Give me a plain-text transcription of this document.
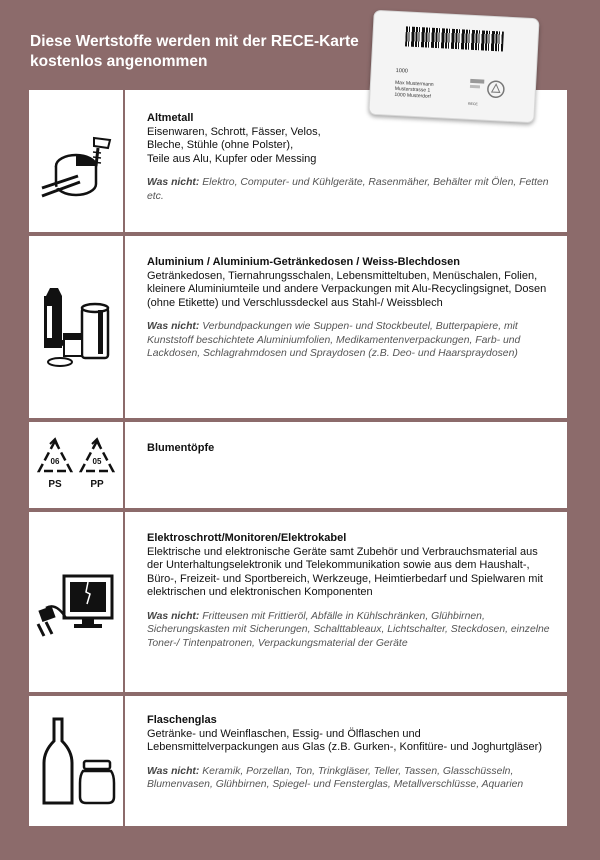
Diese Wertstoffe werden mit der RECE-Karte kostenlos angenommen
1000
Max Mustermann
Musterstrasse 1
1000 Musterdorf
RECE
Altmetall
Eisenwaren, Schrott, Fässer, Velos,
Bleche, Stühle (ohne Polster),
Teile aus Alu, Kupfer oder Messing
Was nicht: Elektro, Computer- und Kühlgeräte, Rasenmäher, Behälter mit Ölen, Fetten etc.
Aluminium / Aluminium-Getränkedosen / Weiss-Blechdosen
Getränkedosen, Tiernahrungsschalen, Lebensmitteltuben, Menüschalen, Folien, kleinere Aluminiumteile und andere Verpackungen mit Alu-Recyclingsignet, Dosen (ohne Etikette) und Verschlussdeckel aus Stahl-/ Weissblech
Was nicht: Verbundpackungen wie Suppen- und Stockbeutel, Butterpapiere, mit Kunststoff beschichtete Aluminiumfolien, Medikamentenverpackungen, Farb- und Lackdosen, Schlagrahmdosen und Spraydosen (z.B. Deo- und Haarspraydosen)
06
PS
05
PP
Blumentöpfe
Elektroschrott/Monitoren/Elektrokabel
Elektrische und elektronische Geräte samt Zubehör und Verbrauchsmaterial aus der Unterhaltungselektronik und Telekommunikation sowie aus dem Haushalt-, Büro-, Freizeit- und Sportbereich, Werkzeuge, Heimtierbedarf und Spielwaren mit elektrischen und elektronischen Komponenten
Was nicht: Fritteusen mit Frittieröl, Abfälle in Kühlschränken, Glühbirnen, Sicherungskasten mit Sicherungen, Schalttableaux, Lichtschalter, Steckdosen, einzelne Toner-/ Tintenpatronen, Verpackungsmaterial der Geräte
Flaschenglas
Getränke- und Weinflaschen, Essig- und Ölflaschen und Lebensmittelverpackungen aus Glas (z.B. Gurken-, Konfitüre- und Joghurtgläser)
Was nicht: Keramik, Porzellan, Ton, Trinkgläser, Teller, Tassen, Glasschüsseln, Blumenvasen, Glühbirnen, Spiegel- und Fensterglas, Metallverschlüsse, Aquarien
